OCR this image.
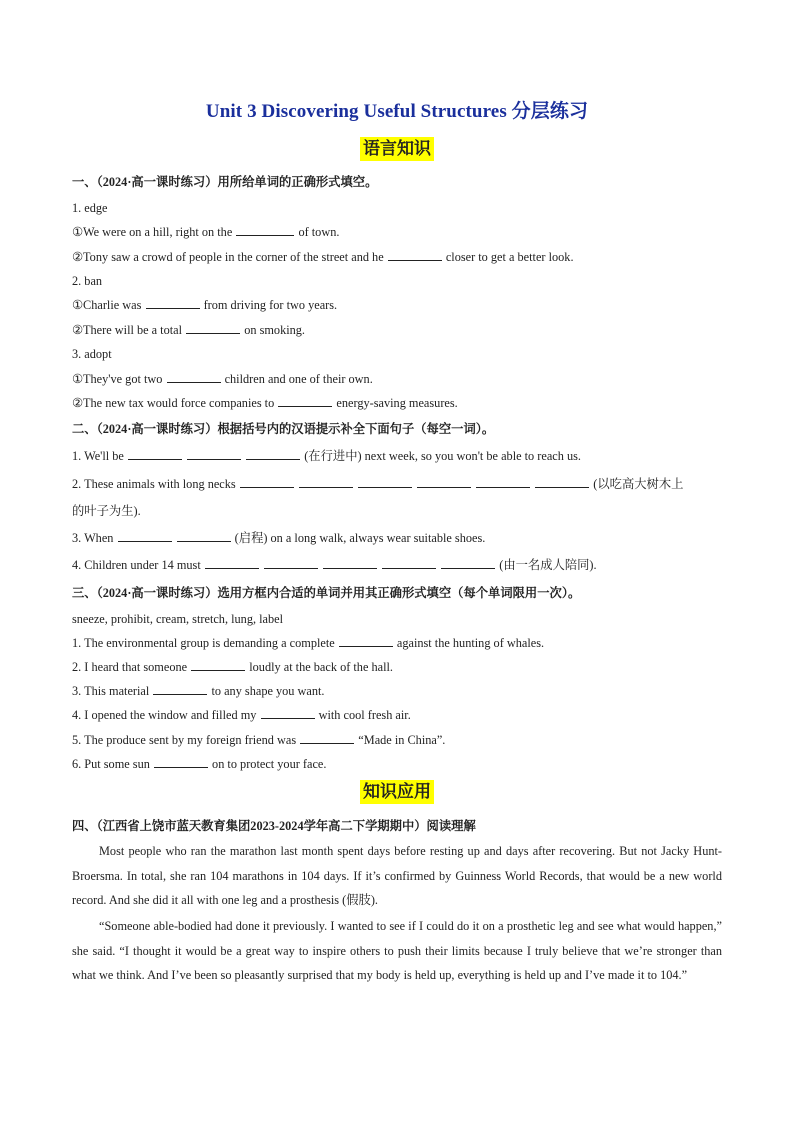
Unit 3 Discovering Useful Structures 分层练习
语言知识
一、（2024·高一课时练习）用所给单词的正确形式填空。
1. edge
①We were on a hill, right on the	of town.
②Tony saw a crowd of people in the corner of the street and he	closer to get a better look.
2. ban
①Charlie was	from driving for two years.
②There will be a total	on smoking.
3. adopt
①They've got two	children and one of their own.
②The new tax would force companies to	energy-saving measures.
二、（2024·高一课时练习）根据括号内的汉语提示补全下面句子（每空一词）。
1. We'll be	(在行进中) next week, so you won't be able to reach us.
2. These animals with long necks	(以吃高大树木上
的叶子为生).
3. When	(启程) on a long walk, always wear suitable shoes.
4. Children under 14 must	(由一名成人陪同).
三、（2024·高一课时练习）选用方框内合适的单词并用其正确形式填空（每个单词限用一次）。
sneeze, prohibit, cream, stretch, lung, label
1. The environmental group is demanding a complete	against the hunting of whales.
2. I heard that someone	loudly at the back of the hall.
3. This material	to any shape you want.
4. I opened the window and filled my	with cool fresh air.
5. The produce sent by my foreign friend was	“Made in China”.
6. Put some sun	on to protect your face.
知识应用
四、（江西省上饶市蓝天教育集团2023-2024学年高二下学期期中）阅读理解
Most people who ran the marathon last month spent days before resting up and days after recovering. But not Jacky Hunt-Broersma. In total, she ran 104 marathons in 104 days. If it’s confirmed by Guinness World Records, that would be a new world record. And she did it all with one leg and a prosthesis (假肢).
“Someone able-bodied had done it previously. I wanted to see if I could do it on a prosthetic leg and see what would happen,” she said. “I thought it would be a great way to inspire others to push their limits because I truly believe that we’re stronger than what we think. And I’ve been so pleasantly surprised that my body is held up, everything is held up and I’ve made it to 104.”
